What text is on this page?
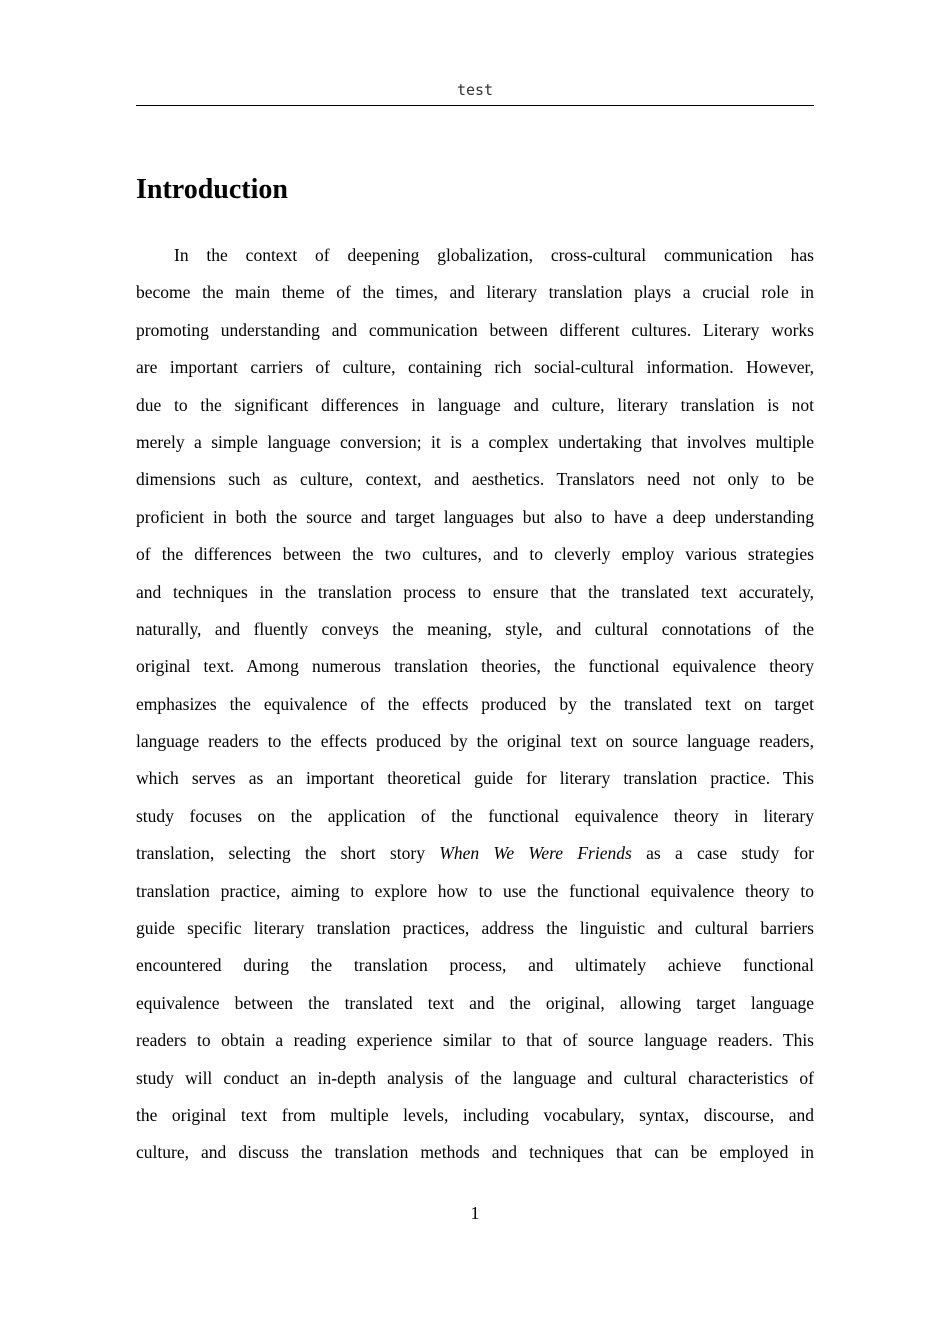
test
Introduction
In the context of deepening globalization, cross-cultural communication has
become the main theme of the times, and literary translation plays a crucial role in
promoting understanding and communication between different cultures. Literary works
are important carriers of culture, containing rich social-cultural information. However,
due to the significant differences in language and culture, literary translation is not
merely a simple language conversion; it is a complex undertaking that involves multiple
dimensions such as culture, context, and aesthetics. Translators need not only to be
proficient in both the source and target languages but also to have a deep understanding
of the differences between the two cultures, and to cleverly employ various strategies
and techniques in the translation process to ensure that the translated text accurately,
naturally, and fluently conveys the meaning, style, and cultural connotations of the
original text. Among numerous translation theories, the functional equivalence theory
emphasizes the equivalence of the effects produced by the translated text on target
language readers to the effects produced by the original text on source language readers,
which serves as an important theoretical guide for literary translation practice. This
study focuses on the application of the functional equivalence theory in literary
translation, selecting the short story When We Were Friends as a case study for
translation practice, aiming to explore how to use the functional equivalence theory to
guide specific literary translation practices, address the linguistic and cultural barriers
encountered during the translation process, and ultimately achieve functional
equivalence between the translated text and the original, allowing target language
readers to obtain a reading experience similar to that of source language readers. This
study will conduct an in-depth analysis of the language and cultural characteristics of
the original text from multiple levels, including vocabulary, syntax, discourse, and
culture, and discuss the translation methods and techniques that can be employed in
1
